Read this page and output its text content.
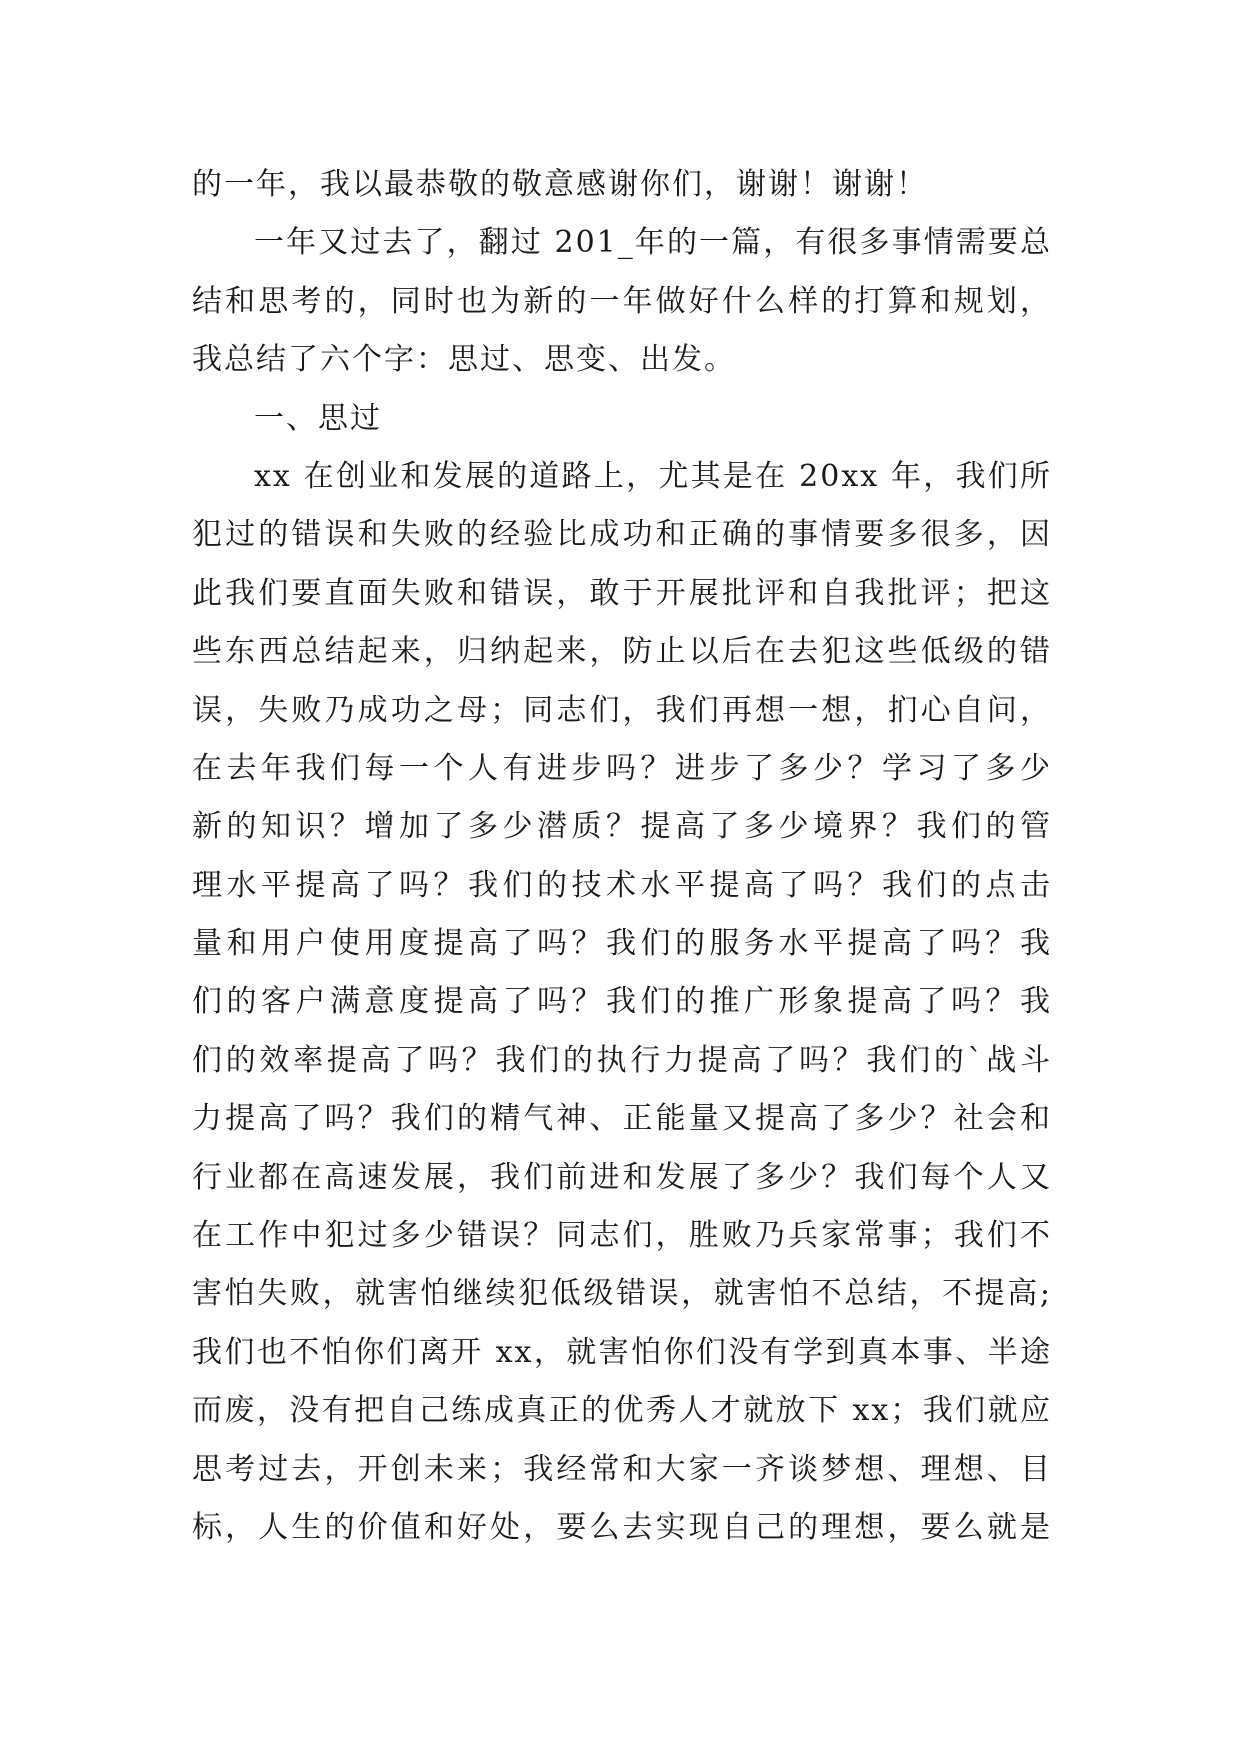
的一年，我以最恭敬的敬意感谢你们，谢谢！谢谢！
一年又过去了，翻过 201_年的一篇，有很多事情需要总
结和思考的，同时也为新的一年做好什么样的打算和规划，
我总结了六个字：思过、思变、出发。
一、思过
xx 在创业和发展的道路上，尤其是在 20xx 年，我们所
犯过的错误和失败的经验比成功和正确的事情要多很多，因
此我们要直面失败和错误，敢于开展批评和自我批评；把这
些东西总结起来，归纳起来，防止以后在去犯这些低级的错
误，失败乃成功之母；同志们，我们再想一想，扪心自问，
在去年我们每一个人有进步吗？进步了多少？学习了多少
新的知识？增加了多少潜质？提高了多少境界？我们的管
理水平提高了吗？我们的技术水平提高了吗？我们的点击
量和用户使用度提高了吗？我们的服务水平提高了吗？我
们的客户满意度提高了吗？我们的推广形象提高了吗？我
们的效率提高了吗？我们的执行力提高了吗？我们的`战斗
力提高了吗？我们的精气神、正能量又提高了多少？社会和
行业都在高速发展，我们前进和发展了多少？我们每个人又
在工作中犯过多少错误？同志们，胜败乃兵家常事；我们不
害怕失败，就害怕继续犯低级错误，就害怕不总结，不提高;
我们也不怕你们离开 xx，就害怕你们没有学到真本事、半途
而废，没有把自己练成真正的优秀人才就放下 xx；我们就应
思考过去，开创未来；我经常和大家一齐谈梦想、理想、目
标，人生的价值和好处，要么去实现自己的理想，要么就是
